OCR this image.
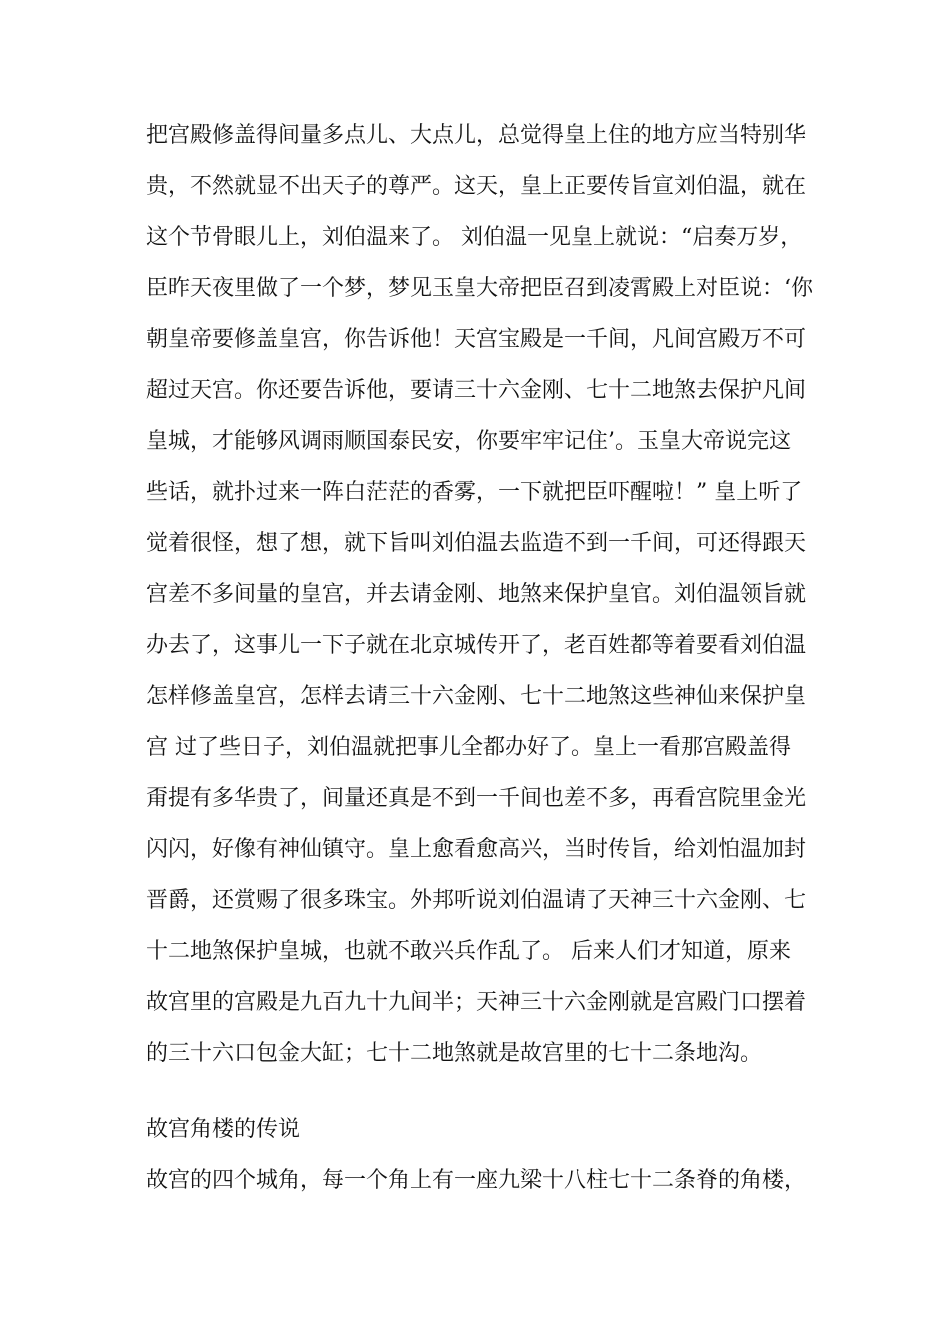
把宫殿修盖得间量多点儿、大点儿，总觉得皇上住的地方应当特别华
贵，不然就显不出天子的尊严。这天，皇上正要传旨宣刘伯温，就在
这个节骨眼儿上，刘伯温来了。 刘伯温一见皇上就说：“启奏万岁，
臣昨天夜里做了一个梦，梦见玉皇大帝把臣召到凌霄殿上对臣说：‘你
朝皇帝要修盖皇宫，你告诉他！天宫宝殿是一千间，凡间宫殿万不可
超过天宫。你还要告诉他，要请三十六金刚、七十二地煞去保护凡间
皇城，才能够风调雨顺国泰民安，你要牢牢记住’。玉皇大帝说完这
些话，就扑过来一阵白茫茫的香雾，一下就把臣吓醒啦！” 皇上听了
觉着很怪，想了想，就下旨叫刘伯温去监造不到一千间，可还得跟天
宫差不多间量的皇宫，并去请金刚、地煞来保护皇官。刘伯温领旨就
办去了，这事儿一下子就在北京城传开了，老百姓都等着要看刘伯温
怎样修盖皇宫，怎样去请三十六金刚、七十二地煞这些神仙来保护皇
宫 过了些日子，刘伯温就把事儿全都办好了。皇上一看那宫殿盖得
甭提有多华贵了，间量还真是不到一千间也差不多，再看宫院里金光
闪闪，好像有神仙镇守。皇上愈看愈高兴，当时传旨，给刘怕温加封
晋爵，还赏赐了很多珠宝。外邦听说刘伯温请了天神三十六金刚、七
十二地煞保护皇城，也就不敢兴兵作乱了。 后来人们才知道，原来
故宫里的宫殿是九百九十九间半；天神三十六金刚就是宫殿门口摆着
的三十六口包金大缸；七十二地煞就是故宫里的七十二条地沟。
故宫角楼的传说
故宫的四个城角，每一个角上有一座九梁十八柱七十二条脊的角楼，
